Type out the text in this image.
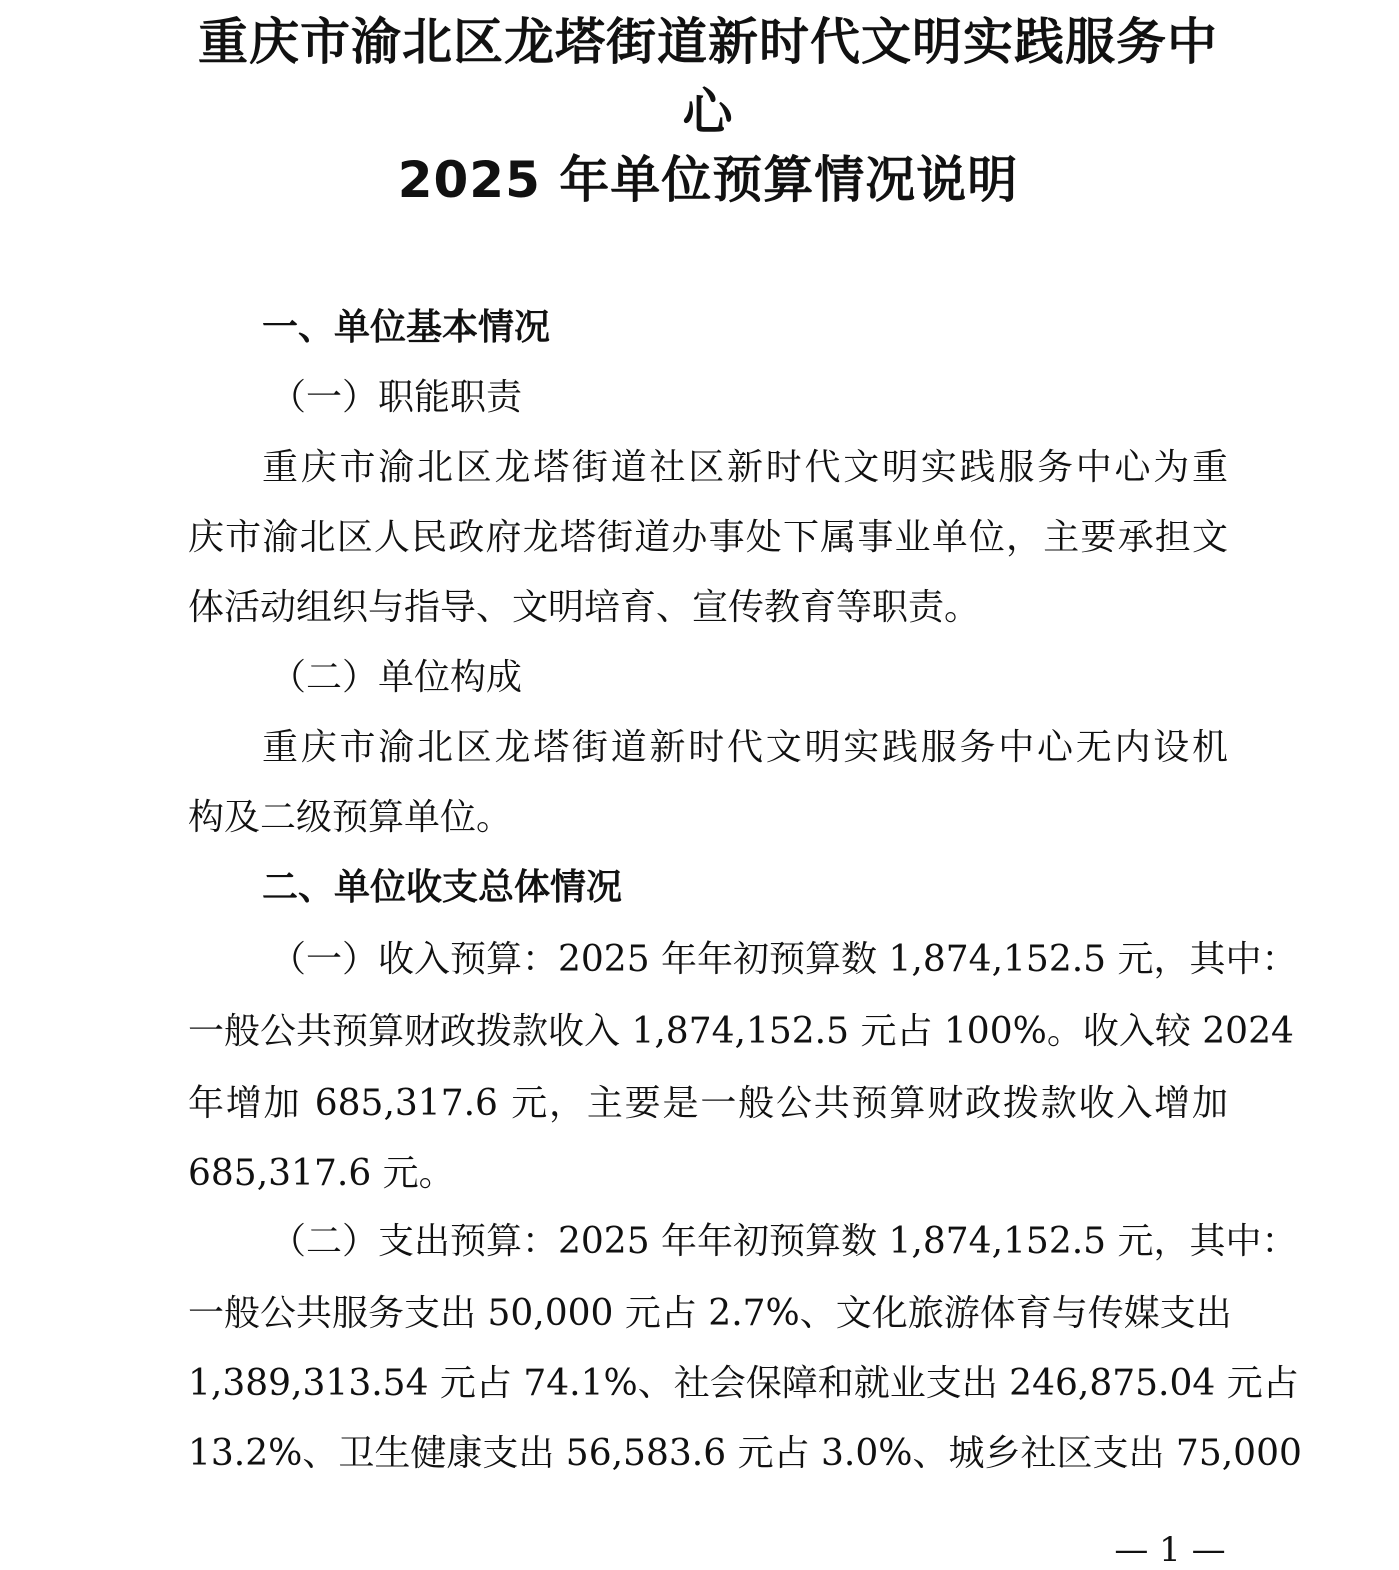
重庆市渝北区龙塔街道新时代文明实践服务中
心
2025 年单位预算情况说明
一、单位基本情况
（一）职能职责
重庆市渝北区龙塔街道社区新时代文明实践服务中心为重
庆市渝北区人民政府龙塔街道办事处下属事业单位，主要承担文
体活动组织与指导、文明培育、宣传教育等职责。
（二）单位构成
重庆市渝北区龙塔街道新时代文明实践服务中心无内设机
构及二级预算单位。
二、单位收支总体情况
（一）收入预算：2025 年年初预算数 1,874,152.5 元，其中：
一般公共预算财政拨款收入 1,874,152.5 元占 100%。收入较 2024
年增加 685,317.6 元，主要是一般公共预算财政拨款收入增加
685,317.6 元。
（二）支出预算：2025 年年初预算数 1,874,152.5 元，其中：
一般公共服务支出 50,000 元占 2.7%、文化旅游体育与传媒支出
1,389,313.54 元占 74.1%、社会保障和就业支出 246,875.04 元占
13.2%、卫生健康支出 56,583.6 元占 3.0%、城乡社区支出 75,000
— 1 —
